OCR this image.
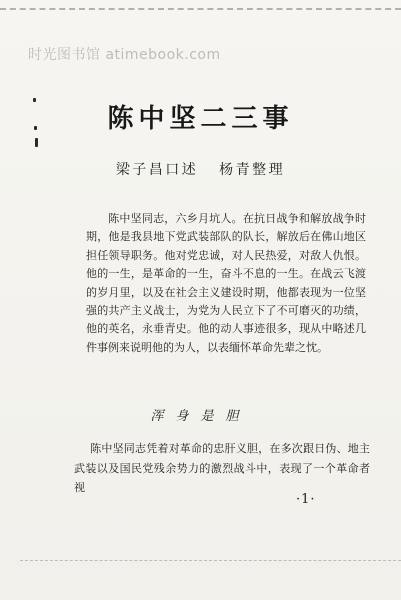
时光图书馆 atimebook.com
陈中坚二三事
梁子昌口述 杨青整理

陈中坚同志，六乡月坑人。在抗日战争和解放战争时期，他是我县地下党武装部队的队长，解放后在佛山地区担任领导职务。他对党忠诚，对人民热爱，对敌人仇恨。他的一生，是革命的一生，奋斗不息的一生。在战云飞渡的岁月里，以及在社会主义建设时期，他都表现为一位坚强的共产主义战士，为党为人民立下了不可磨灭的功绩，他的英名，永垂青史。他的动人事迹很多，现从中略述几件事例来说明他的为人，以表缅怀革命先辈之忱。

浑身是胆

陈中坚同志凭着对革命的忠肝义胆，在多次跟日伪、地主武装以及国民党残余势力的激烈战斗中，表现了一个革命者视

·1·
